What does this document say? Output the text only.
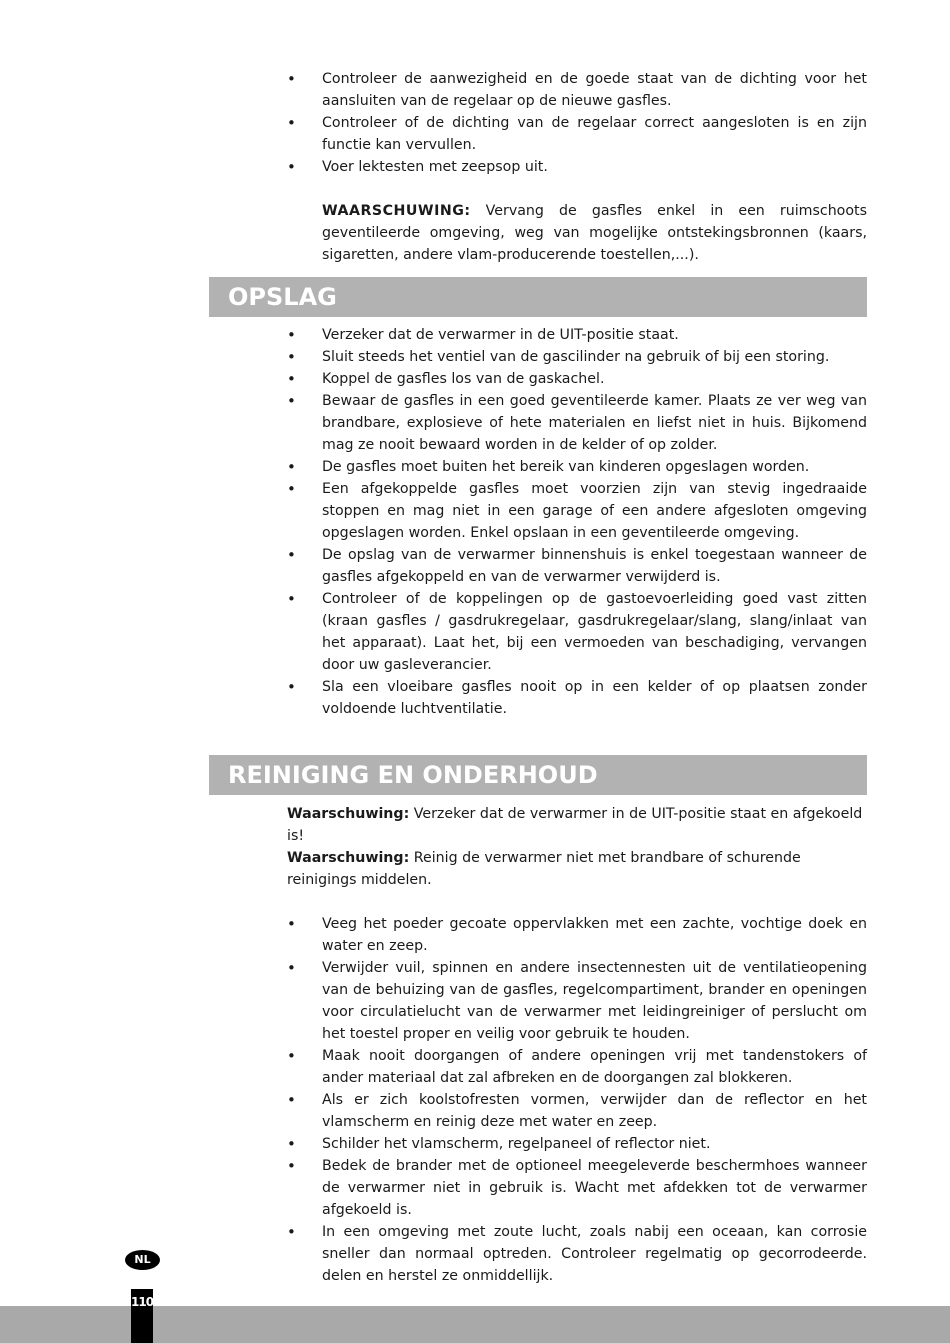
• Controleer de aanwezigheid en de goede staat van de dichting voor het aansluiten van de regelaar op de nieuwe gasfles.
• Controleer of de dichting van de regelaar correct aangesloten is en zijn functie kan vervullen.
• Voer lektesten met zeepsop uit.
WAARSCHUWING: Vervang de gasfles enkel in een ruimschoots geventileerde omgeving, weg van mogelijke ontstekingsbronnen (kaars, sigaretten, andere vlam-producerende toestellen,...).
OPSLAG
• Verzeker dat de verwarmer in de UIT-positie staat.
• Sluit steeds het ventiel van de gascilinder na gebruik of bij een storing.
• Koppel de gasfles los van de gaskachel.
• Bewaar de gasfles in een goed geventileerde kamer. Plaats ze ver weg van brandbare, explosieve of hete materialen en liefst niet in huis. Bijkomend mag ze nooit bewaard worden in de kelder of op zolder.
• De gasfles moet buiten het bereik van kinderen opgeslagen worden.
• Een afgekoppelde gasfles moet voorzien zijn van stevig ingedraaide stoppen en mag niet in een garage of een andere afgesloten omgeving opgeslagen worden. Enkel opslaan in een geventileerde omgeving.
• De opslag van de verwarmer binnenshuis is enkel toegestaan wanneer de gasfles afgekoppeld en van de verwarmer verwijderd is.
• Controleer of de koppelingen op de gastoevoerleiding goed vast zitten (kraan gasfles / gasdrukregelaar, gasdrukregelaar/slang, slang/inlaat van het apparaat). Laat het, bij een vermoeden van beschadiging, vervangen door uw gasleverancier.
• Sla een vloeibare gasfles nooit op in een kelder of op plaatsen zonder voldoende luchtventilatie.
REINIGING EN ONDERHOUD

Waarschuwing: Verzeker dat de verwarmer in de UIT-positie staat en afgekoeld is!

Waarschuwing: Reinig de verwarmer niet met brandbare of schurende reinigings middelen.

• Veeg het poeder gecoate oppervlakken met een zachte, vochtige doek en water en zeep.
• Verwijder vuil, spinnen en andere insectennesten uit de ventilatieopening van de behuizing van de gasfles, regelcompartiment, brander en openingen voor circulatielucht van de verwarmer met leidingreiniger of perslucht om het toestel proper en veilig voor gebruik te houden.
• Maak nooit doorgangen of andere openingen vrij met tandenstokers of ander materiaal dat zal afbreken en de doorgangen zal blokkeren.
• Als er zich koolstofresten vormen, verwijder dan de reflector en het vlamscherm en reinig deze met water en zeep.
• Schilder het vlamscherm, regelpaneel of reflector niet.
• Bedek de brander met de optioneel meegeleverde beschermhoes wanneer de verwarmer niet in gebruik is. Wacht met afdekken tot de verwarmer afgekoeld is.
• In een omgeving met zoute lucht, zoals nabij een oceaan, kan corrosie sneller dan normaal optreden. Controleer regelmatig op gecorrodeerde. delen en herstel ze onmiddellijk.
NL
110
